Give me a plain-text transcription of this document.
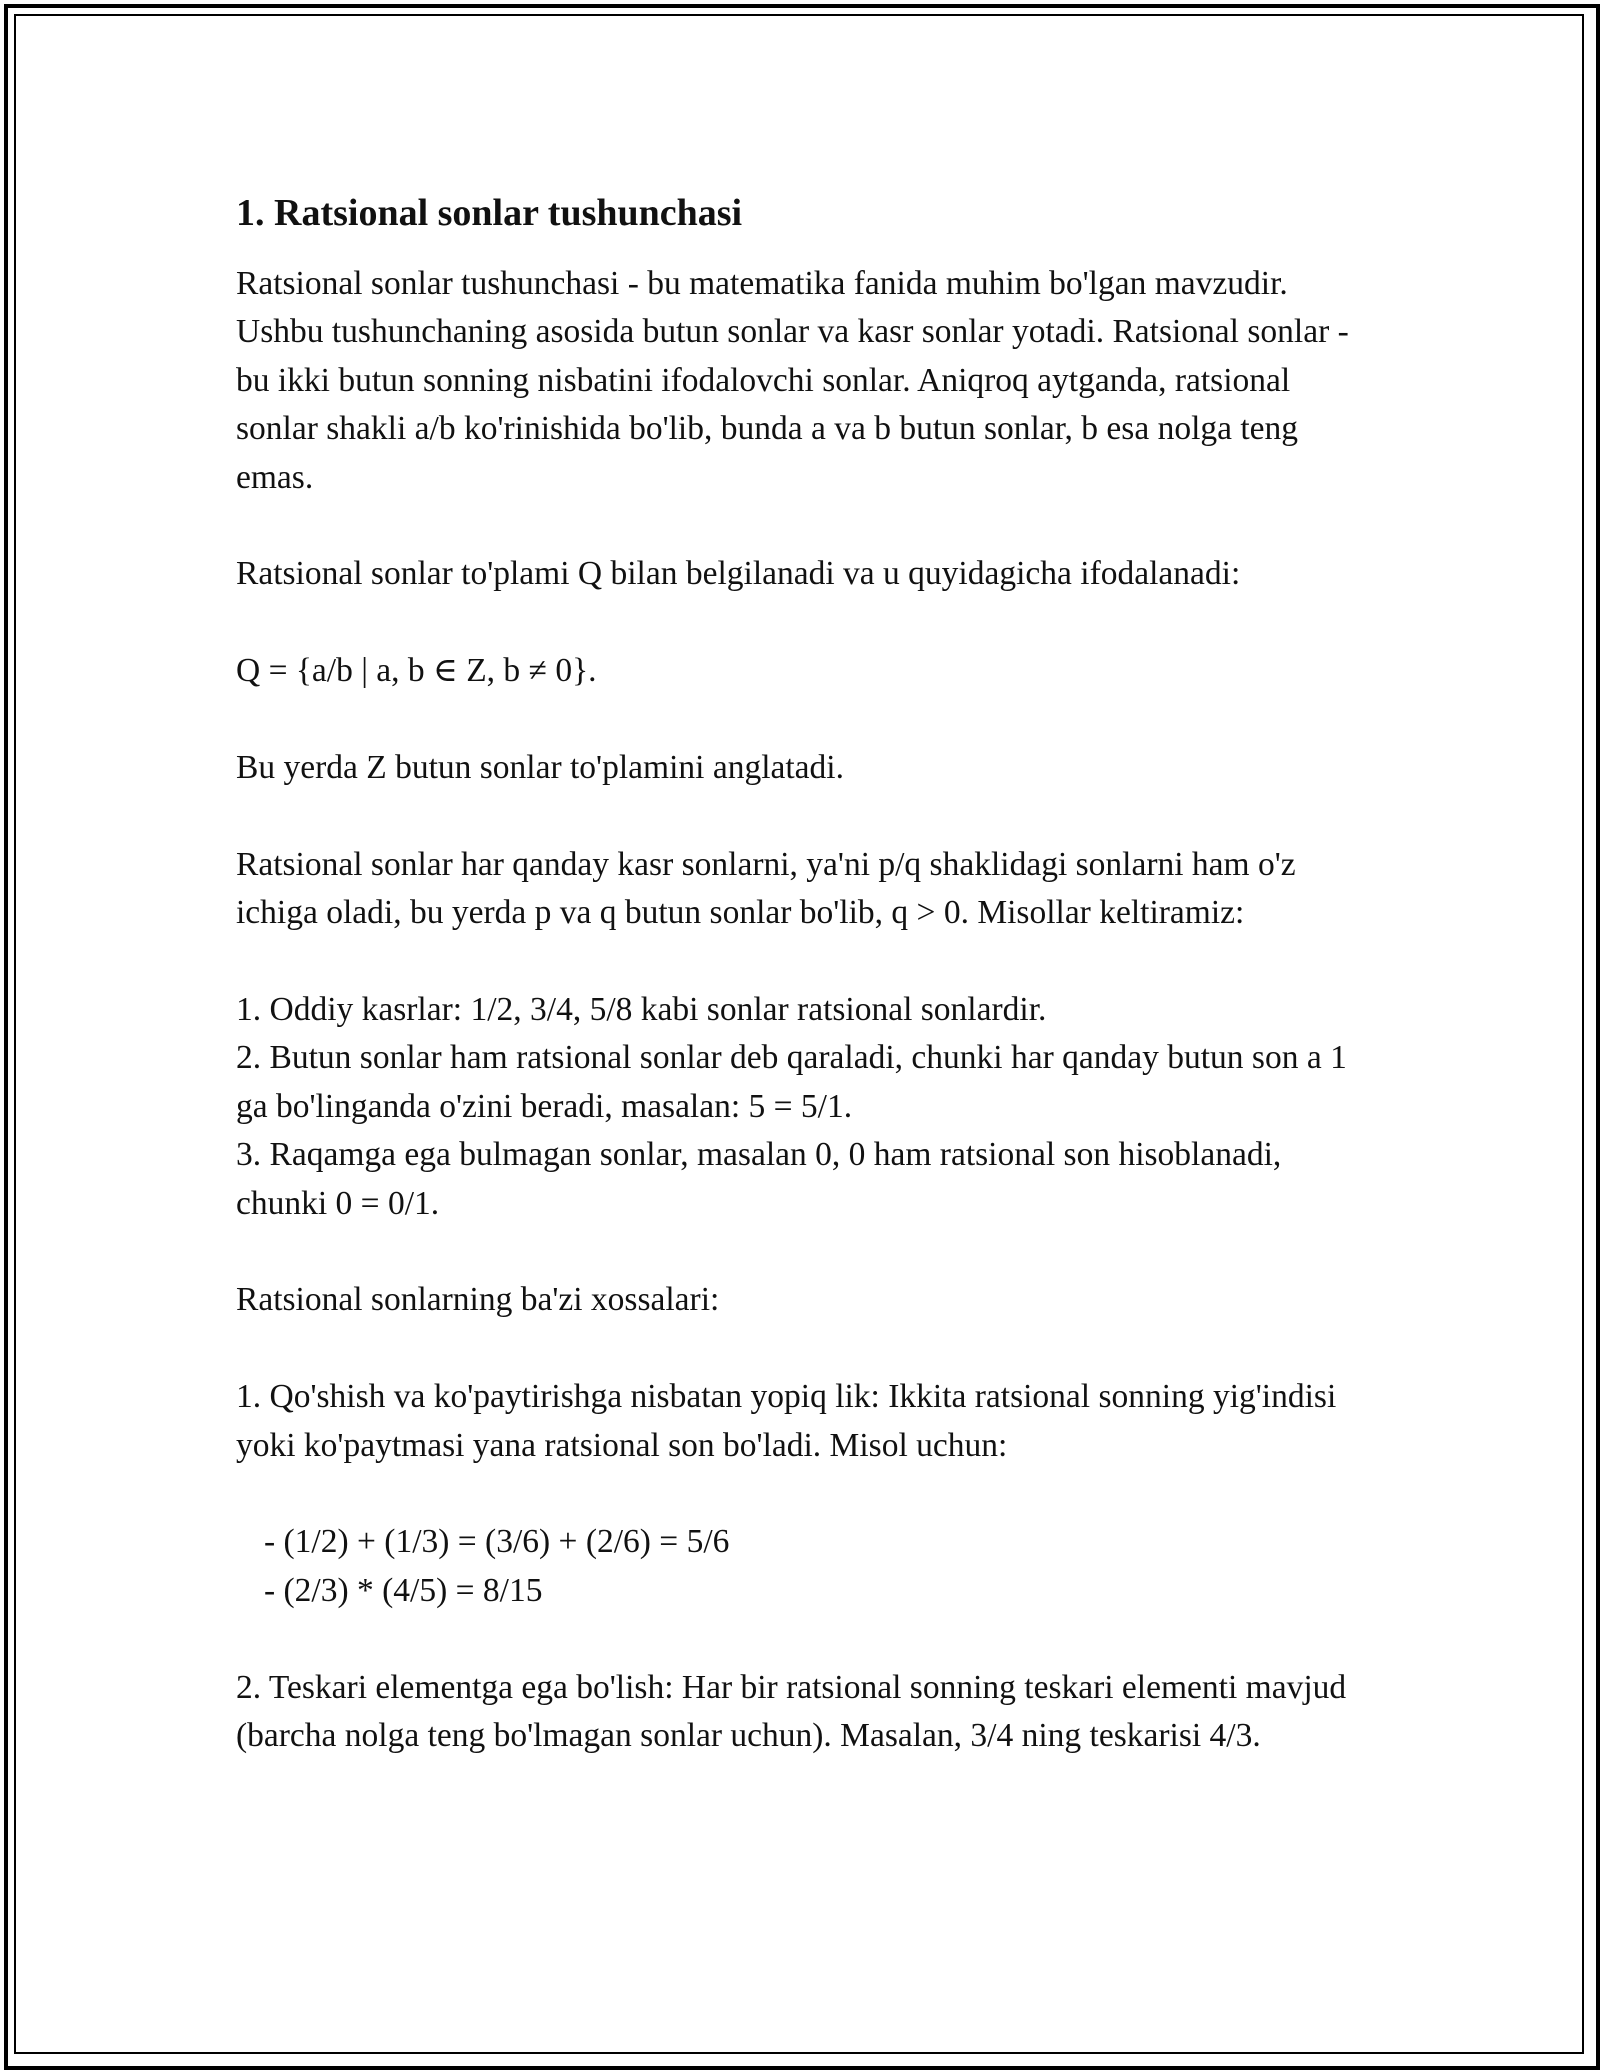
1. Ratsional sonlar tushunchasi

Ratsional sonlar tushunchasi - bu matematika fanida muhim bo'lgan mavzudir. Ushbu tushunchaning asosida butun sonlar va kasr sonlar yotadi. Ratsional sonlar - bu ikki butun sonning nisbatini ifodalovchi sonlar. Aniqroq aytganda, ratsional sonlar shakli a/b ko'rinishida bo'lib, bunda a va b butun sonlar, b esa nolga teng emas.

Ratsional sonlar to'plami Q bilan belgilanadi va u quyidagicha ifodalanadi:

Q = {a/b | a, b ∈ Z, b ≠ 0}.

Bu yerda Z butun sonlar to'plamini anglatadi.

Ratsional sonlar har qanday kasr sonlarni, ya'ni p/q shaklidagi sonlarni ham o'z ichiga oladi, bu yerda p va q butun sonlar bo'lib, q > 0. Misollar keltiramiz:

1. Oddiy kasrlar: 1/2, 3/4, 5/8 kabi sonlar ratsional sonlardir.
2. Butun sonlar ham ratsional sonlar deb qaraladi, chunki har qanday butun son a 1 ga bo'linganda o'zini beradi, masalan: 5 = 5/1.
3. Raqamga ega bulmagan sonlar, masalan 0, 0 ham ratsional son hisoblanadi, chunki 0 = 0/1.

Ratsional sonlarning ba'zi xossalari:

1. Qo'shish va ko'paytirishga nisbatan yopiq lik: Ikkita ratsional sonning yig'indisi yoki ko'paytmasi yana ratsional son bo'ladi. Misol uchun:

- (1/2) + (1/3) = (3/6) + (2/6) = 5/6
- (2/3) * (4/5) = 8/15

2. Teskari elementga ega bo'lish: Har bir ratsional sonning teskari elementi mavjud (barcha nolga teng bo'lmagan sonlar uchun). Masalan, 3/4 ning teskarisi 4/3.
